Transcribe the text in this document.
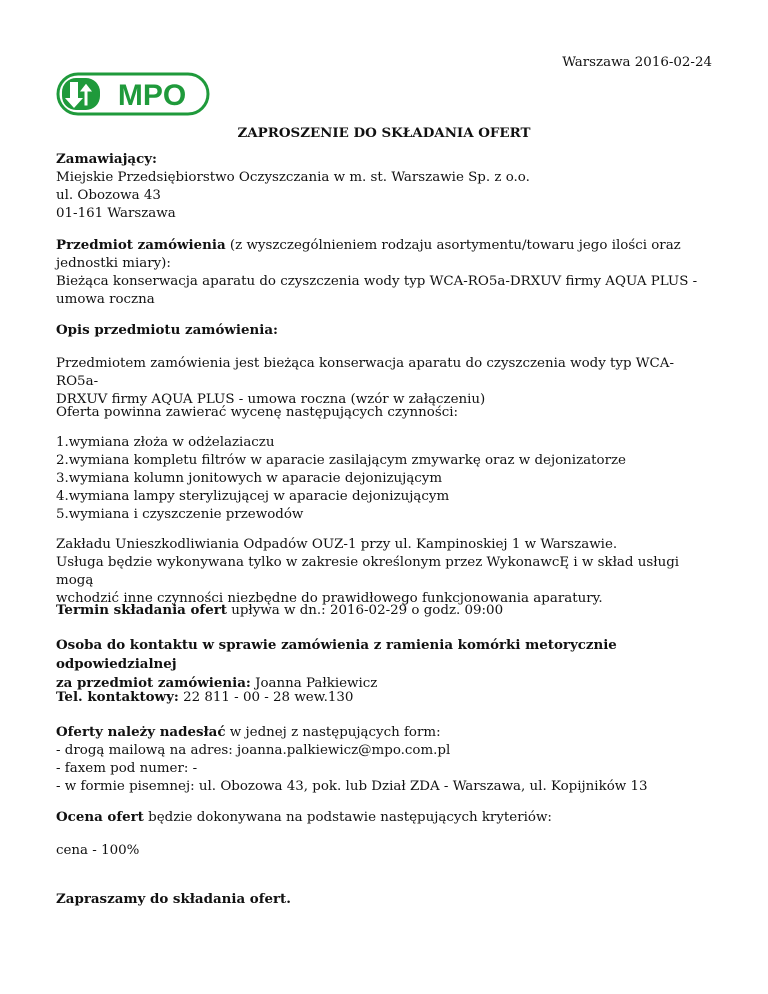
Warszawa 2016-02-24
MPO
ZAPROSZENIE DO SKŁADANIA OFERT

Zamawiający:

Miejskie Przedsiębiorstwo Oczyszczania w m. st. Warszawie Sp. z o.o.

ul. Obozowa 43

01-161 Warszawa

Przedmiot zamówienia (z wyszczególnieniem rodzaju asortymentu/towaru jego ilości oraz

jednostki miary):

Bieżąca konserwacja aparatu do czyszczenia wody typ WCA-RO5a-DRXUV firmy AQUA PLUS -

umowa roczna

Opis przedmiotu zamówienia:

Przedmiotem zamówienia jest bieżąca konserwacja aparatu do czyszczenia wody typ WCA-RO5a-

DRXUV firmy AQUA PLUS - umowa roczna (wzór w załączeniu)

Oferta powinna zawierać wycenę następujących czynności:

1.wymiana złoża w odżelaziaczu

2.wymiana kompletu filtrów w aparacie zasilającym zmywarkę oraz w dejonizatorze

3.wymiana kolumn jonitowych w aparacie dejonizującym

4.wymiana lampy sterylizującej w aparacie dejonizującym

5.wymiana i czyszczenie przewodów

Zakładu Unieszkodliwiania Odpadów OUZ-1 przy ul. Kampinoskiej 1 w Warszawie.

Usługa będzie wykonywana tylko w zakresie określonym przez WykonawcĘ i w skład usługi mogą

wchodzić inne czynności niezbędne do prawidłowego funkcjonowania aparatury.

Termin składania ofert upływa w dn.: 2016-02-29 o godz. 09:00

Osoba do kontaktu w sprawie zamówienia z ramienia komórki metorycznie odpowiedzialnej

za przedmiot zamówienia: Joanna Pałkiewicz

Tel. kontaktowy: 22 811 - 00 - 28 wew.130

Oferty należy nadesłać w jednej z następujących form:

- drogą mailową na adres: joanna.palkiewicz@mpo.com.pl

- faxem pod numer: -

- w formie pisemnej: ul. Obozowa 43, pok. lub Dział ZDA - Warszawa, ul. Kopijników 13

Ocena ofert będzie dokonywana na podstawie następujących kryteriów:

cena - 100%

Zapraszamy do składania ofert.
